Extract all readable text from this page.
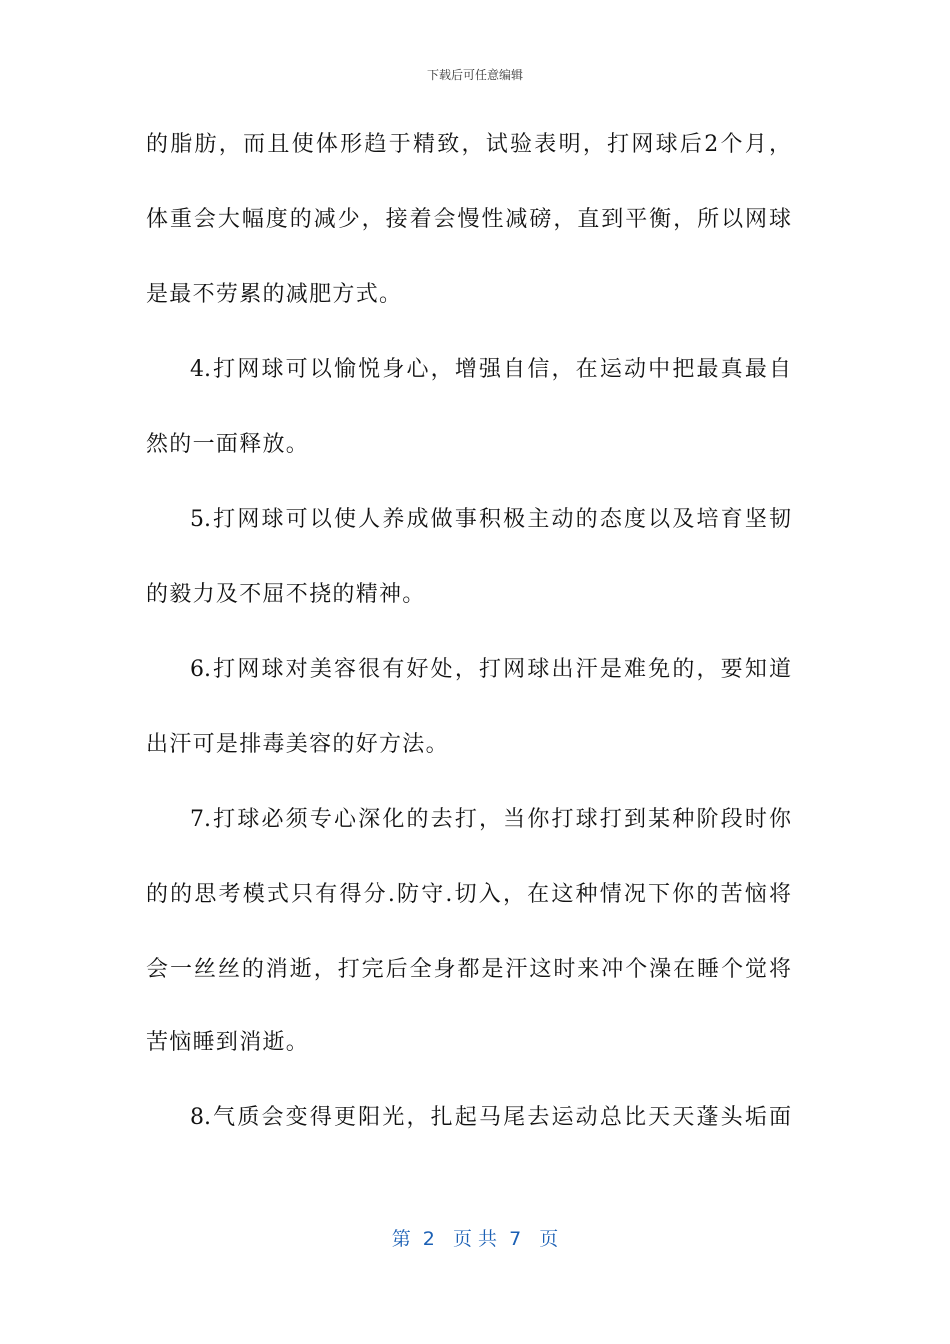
下载后可任意编辑
的脂肪，而且使体形趋于精致，试验表明，打网球后2个月，
体重会大幅度的减少，接着会慢性减磅，直到平衡，所以网球
是最不劳累的减肥方式。
4.打网球可以愉悦身心，增强自信，在运动中把最真最自
然的一面释放。
5.打网球可以使人养成做事积极主动的态度以及培育坚韧
的毅力及不屈不挠的精神。
6.打网球对美容很有好处，打网球出汗是难免的，要知道
出汗可是排毒美容的好方法。
7.打球必须专心深化的去打，当你打球打到某种阶段时你
的的思考模式只有得分.防守.切入，在这种情况下你的苦恼将
会一丝丝的消逝，打完后全身都是汗这时来冲个澡在睡个觉将
苦恼睡到消逝。
8.气质会变得更阳光，扎起马尾去运动总比天天蓬头垢面
第  2   页 共  7   页
